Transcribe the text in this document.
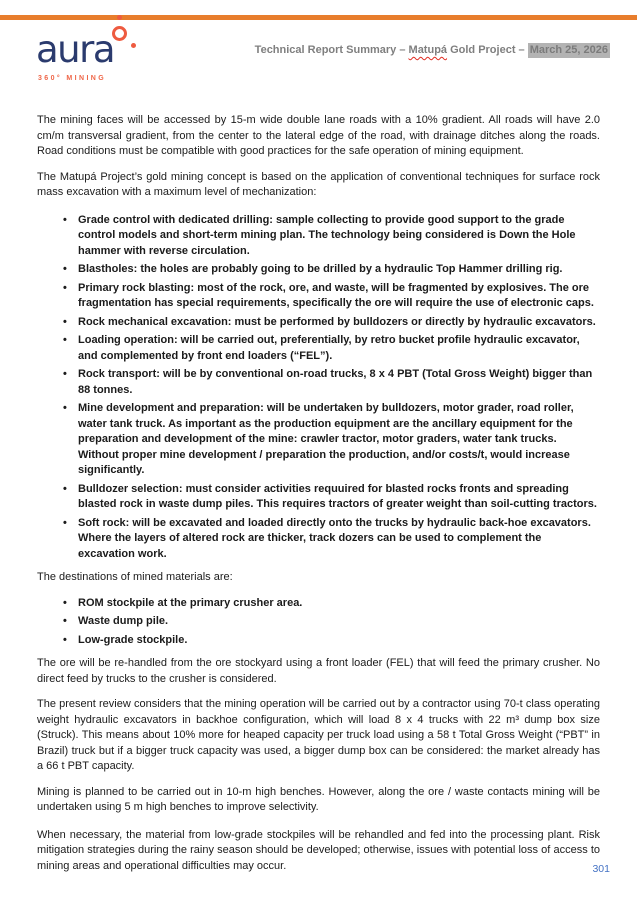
aura
360° MINING
Technical Report Summary – Matupá Gold Project – March 25, 2026

The mining faces will be accessed by 15-m wide double lane roads with a 10% gradient. All roads will have 2.0 cm/m transversal gradient, from the center to the lateral edge of the road, with drainage ditches along the roads. Road conditions must be compatible with good practices for the safe operation of mining equipment.

The Matupá Project’s gold mining concept is based on the application of conventional techniques for surface rock mass excavation with a maximum level of mechanization:

• Grade control with dedicated drilling: sample collecting to provide good support to the grade control models and short-term mining plan. The technology being considered is Down the Hole hammer with reverse circulation.
• Blastholes: the holes are probably going to be drilled by a hydraulic Top Hammer drilling rig.
• Primary rock blasting: most of the rock, ore, and waste, will be fragmented by explosives. The ore fragmentation has special requirements, specifically the ore will require the use of electronic caps.
• Rock mechanical excavation: must be performed by bulldozers or directly by hydraulic excavators.
• Loading operation: will be carried out, preferentially, by retro bucket profile hydraulic excavator, and complemented by front end loaders (“FEL”).
• Rock transport: will be by conventional on-road trucks, 8 x 4 PBT (Total Gross Weight) bigger than 88 tonnes.
• Mine development and preparation: will be undertaken by bulldozers, motor grader, road roller, water tank truck. As important as the production equipment are the ancillary equipment for the preparation and development of the mine: crawler tractor, motor graders, water tank trucks. Without proper mine development / preparation the production, and/or costs/t, would increase significantly.
• Bulldozer selection: must consider activities requuired for blasted rocks fronts and spreading blasted rock in waste dump piles. This requires tractors of greater weight than soil-cutting tractors.
• Soft rock: will be excavated and loaded directly onto the trucks by hydraulic back-hoe excavators. Where the layers of altered rock are thicker, track dozers can be used to complement the excavation work.

The destinations of mined materials are:

• ROM stockpile at the primary crusher area.
• Waste dump pile.
• Low-grade stockpile.

The ore will be re-handled from the ore stockyard using a front loader (FEL) that will feed the primary crusher. No direct feed by trucks to the crusher is considered.

The present review considers that the mining operation will be carried out by a contractor using 70-t class operating weight hydraulic excavators in backhoe configuration, which will load 8 x 4 trucks with 22 m³ dump box size (Struck). This means about 10% more for heaped capacity per truck load using a 58 t Total Gross Weight (“PBT” in Brazil) truck but if a bigger truck capacity was used, a bigger dump box can be considered: the market already has a 66 t PBT capacity.

Mining is planned to be carried out in 10-m high benches. However, along the ore / waste contacts mining will be undertaken using 5 m high benches to improve selectivity.

When necessary, the material from low-grade stockpiles will be rehandled and fed into the processing plant. Risk mitigation strategies during the rainy season should be developed; otherwise, issues with potential loss of access to mining areas and operational difficulties may occur.	301
